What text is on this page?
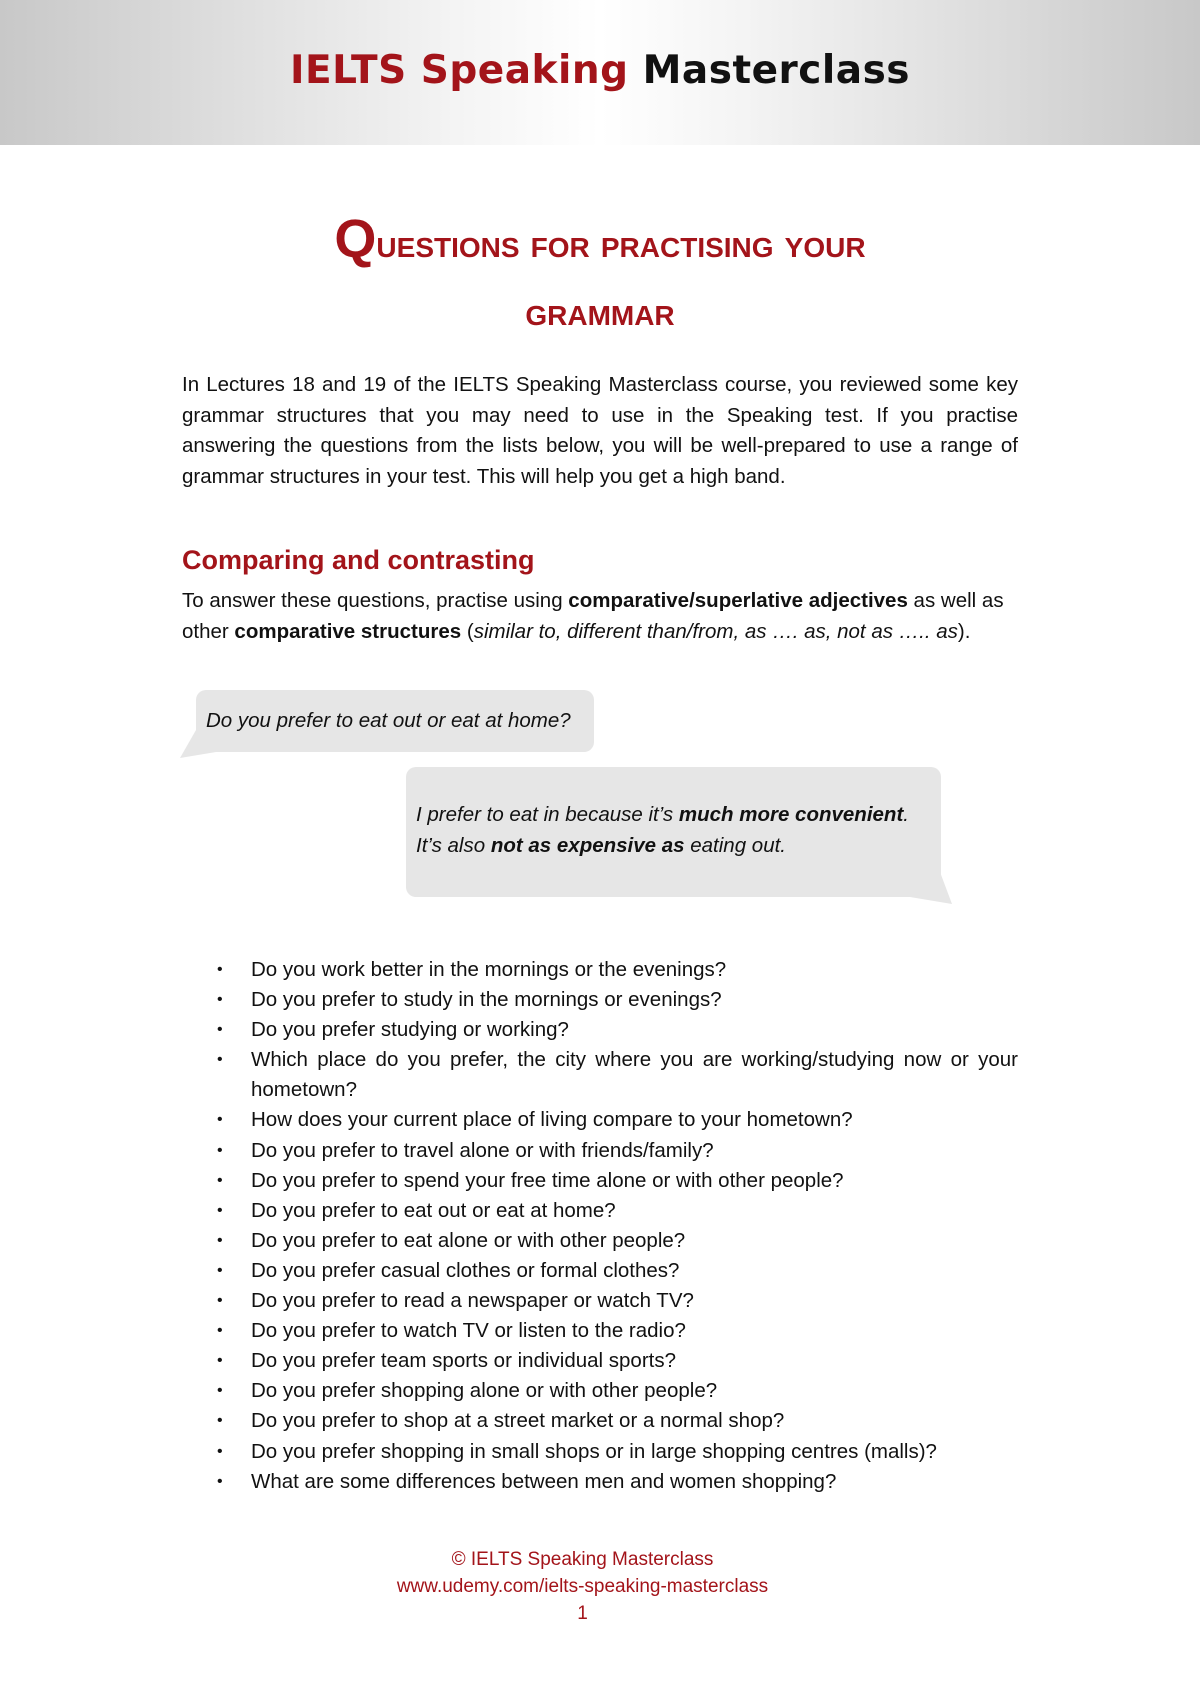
IELTS Speaking Masterclass
Questions for practising your
grammar
In Lectures 18 and 19 of the IELTS Speaking Masterclass course, you reviewed some key grammar structures that you may need to use in the Speaking test. If you practise answering the questions from the lists below, you will be well-prepared to use a range of grammar structures in your test. This will help you get a high band.
Comparing and contrasting
To answer these questions, practise using comparative/superlative adjectives as well as other comparative structures (similar to, different than/from, as …. as, not as ….. as).
Do you prefer to eat out or eat at home?
I prefer to eat in because it’s much more convenient. It’s also not as expensive as eating out.
• Do you work better in the mornings or the evenings?
• Do you prefer to study in the mornings or evenings?
• Do you prefer studying or working?
• Which place do you prefer, the city where you are working/studying now or your hometown?
• How does your current place of living compare to your hometown?
• Do you prefer to travel alone or with friends/family?
• Do you prefer to spend your free time alone or with other people?
• Do you prefer to eat out or eat at home?
• Do you prefer to eat alone or with other people?
• Do you prefer casual clothes or formal clothes?
• Do you prefer to read a newspaper or watch TV?
• Do you prefer to watch TV or listen to the radio?
• Do you prefer team sports or individual sports?
• Do you prefer shopping alone or with other people?
• Do you prefer to shop at a street market or a normal shop?
• Do you prefer shopping in small shops or in large shopping centres (malls)?
• What are some differences between men and women shopping?
© IELTS Speaking Masterclass
www.udemy.com/ielts-speaking-masterclass
1
